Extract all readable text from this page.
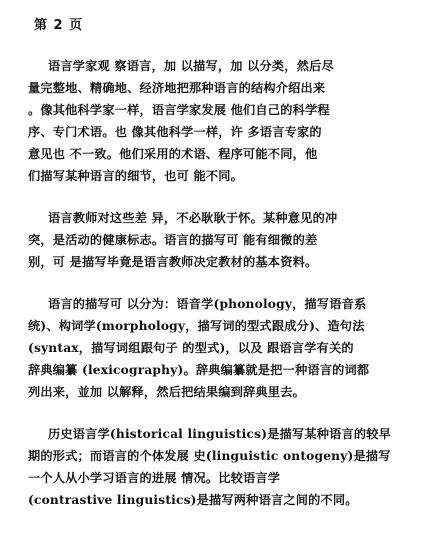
第 2 页
语言学家观 察语言，加 以描写，加 以分类，然后尽
量完整地、精确地、经济地把那种语言的结构介绍出来
。像其他科学家一样，语言学家发展 他们自己的科学程
序、专门术语。也 像其他科学一样，许 多语言专家的
意见也 不一致。他们采用的术语、程序可能不同，他
们描写某种语言的细节，也可 能不同。
语言教师对这些差 异，不必耿耿于怀。某种意见的冲
突，是活动的健康标志。语言的描写可 能有细微的差
别，可 是描写毕竟是语言教师决定教材的基本资料。
语言的描写可 以分为：语音学(phonology，描写语音系
统)、构词学(morphology，描写词的型式跟成分)、造句法
(syntax，描写词组跟句子 的型式)，以及 跟语言学有关的
辞典编纂 (lexicography)。辞典编纂就是把一种语言的词都
列出来，並加 以解释，然后把结果编到辞典里去。
历史语言学(historical linguistics)是描写某种语言的较早
期的形式；而语言的个体发展 史(linguistic ontogeny)是描写
一个人从小学习语言的进展 情况。比较语言学
(contrastive linguistics)是描写两种语言之间的不同。
